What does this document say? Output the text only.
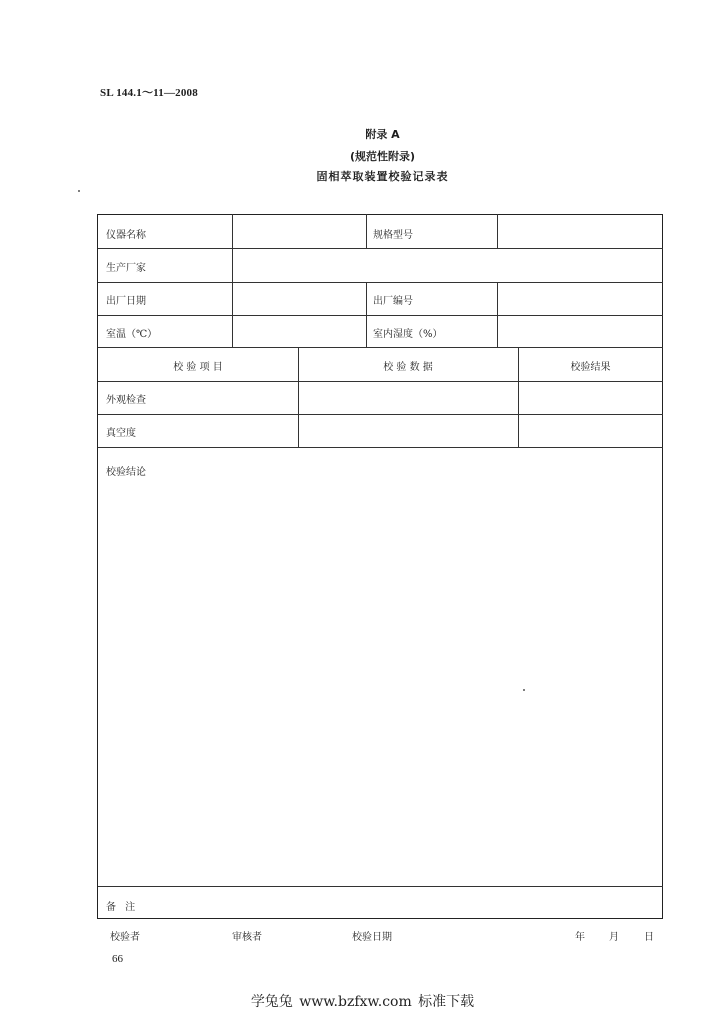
SL 144.1～11—2008
附录 A
(规范性附录)
固相萃取装置校验记录表
仪器名称	规格型号
生产厂家
出厂日期	出厂编号
室温（℃）	室内湿度（%）
校 验 项 目	校 验 数 据	校验结果
外观检查
真空度
校验结论
备 注
校验者	审核者	校验日期	年 月	日
66
学兔兔 www.bzfxw.com 标准下载
